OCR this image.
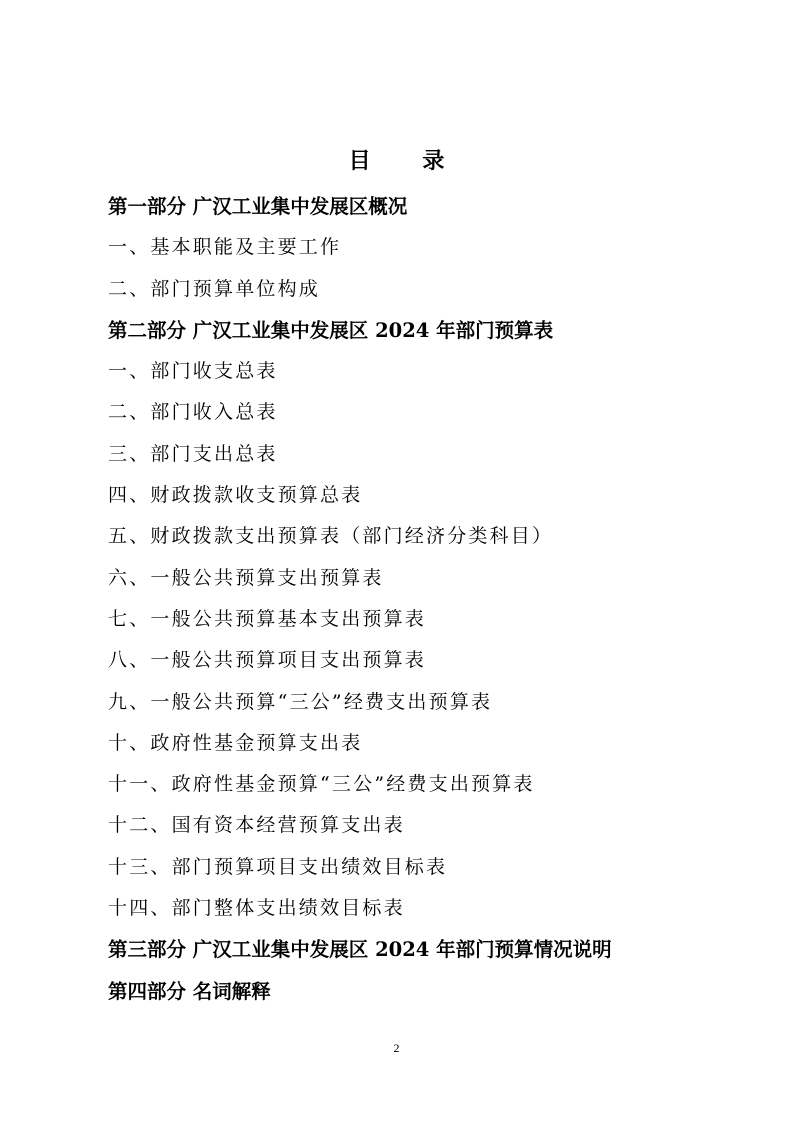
目 录
第一部分 广汉工业集中发展区概况
一、基本职能及主要工作
二、部门预算单位构成
第二部分 广汉工业集中发展区 2024 年部门预算表
一、部门收支总表
二、部门收入总表
三、部门支出总表
四、财政拨款收支预算总表
五、财政拨款支出预算表（部门经济分类科目）
六、一般公共预算支出预算表
七、一般公共预算基本支出预算表
八、一般公共预算项目支出预算表
九、一般公共预算“三公”经费支出预算表
十、政府性基金预算支出表
十一、政府性基金预算“三公”经费支出预算表
十二、国有资本经营预算支出表
十三、部门预算项目支出绩效目标表
十四、部门整体支出绩效目标表
第三部分 广汉工业集中发展区 2024 年部门预算情况说明
第四部分 名词解释
2
